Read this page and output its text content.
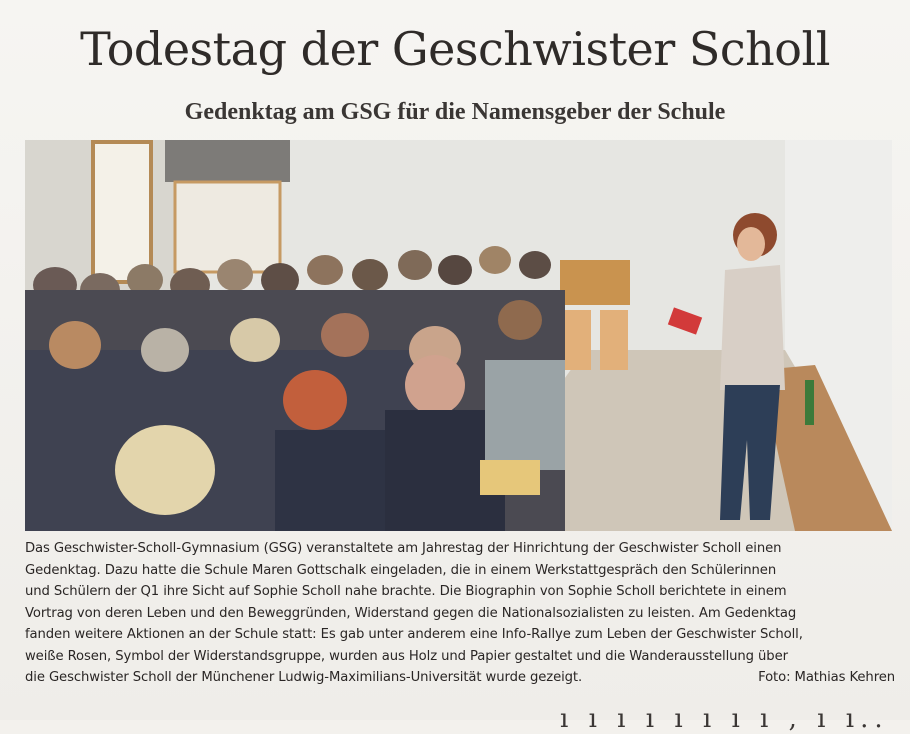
Todestag der Geschwister Scholl
Gedenktag am GSG für die Namensgeber der Schule

Das Geschwister-Scholl-Gymnasium (GSG) veranstaltete am Jahrestag der Hinrichtung der Geschwister Scholl einen
Gedenktag. Dazu hatte die Schule Maren Gottschalk eingeladen, die in einem Werkstattgespräch den Schülerinnen
und Schülern der Q1 ihre Sicht auf Sophie Scholl nahe brachte. Die Biographin von Sophie Scholl berichtete in einem
Vortrag von deren Leben und den Beweggründen, Widerstand gegen die Nationalsozialisten zu leisten. Am Gedenktag
fanden weitere Aktionen an der Schule statt: Es gab unter anderem eine Info-Rallye zum Leben der Geschwister Scholl,
weiße Rosen, Symbol der Widerstandsgruppe, wurden aus Holz und Papier gestaltet und die Wanderausstellung über
die Geschwister Scholl der Münchener Ludwig-Maximilians-Universität wurde gezeigt.	Foto: Mathias Kehren

ı ı ı ı ı ı ı ı , ı ı..
